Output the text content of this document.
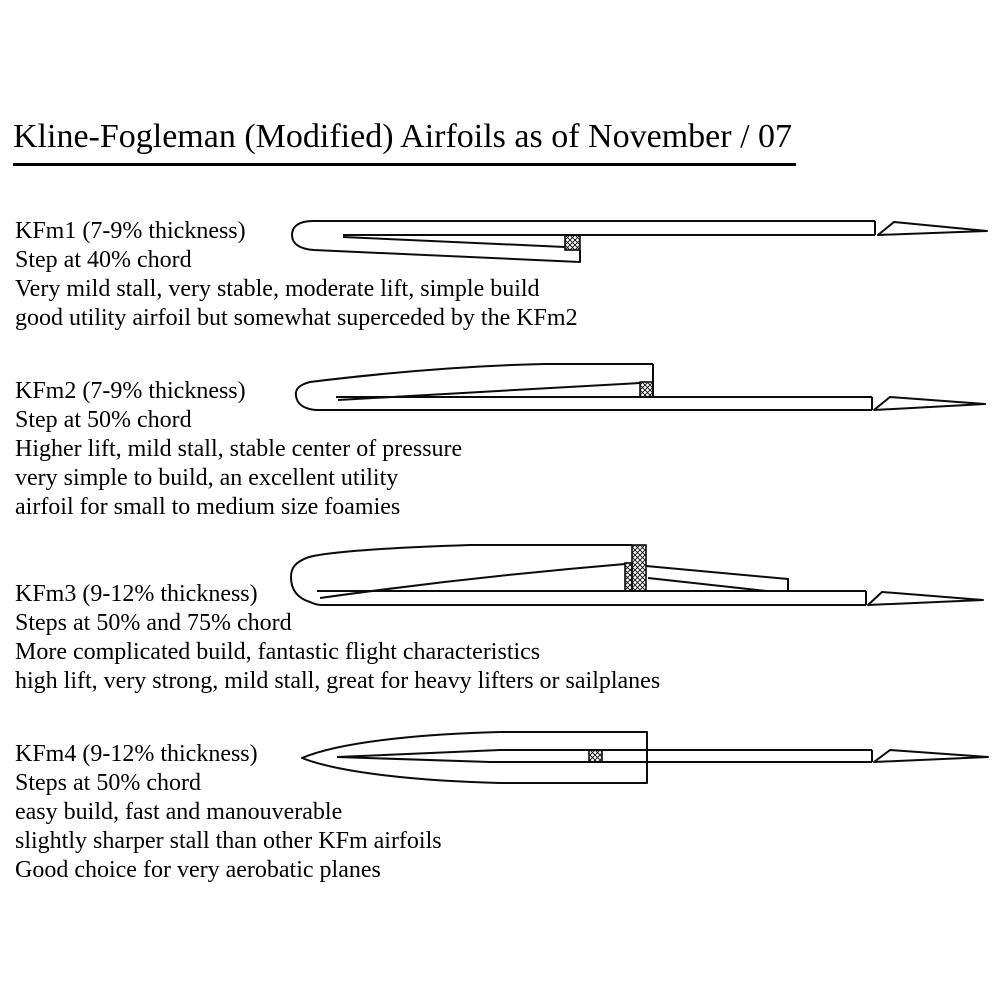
Kline-Fogleman (Modified) Airfoils as of November / 07
KFm1 (7-9% thickness)
Step at 40% chord
Very mild stall, very stable, moderate lift, simple build
good utility airfoil but somewhat superceded by the KFm2
KFm2 (7-9% thickness)
Step at 50% chord
Higher lift, mild stall, stable center of pressure
very simple to build, an excellent utility
airfoil for small to medium size foamies
KFm3 (9-12% thickness)
Steps at 50% and 75% chord
More complicated build, fantastic flight characteristics
high lift, very strong, mild stall, great for heavy lifters or sailplanes
KFm4 (9-12% thickness)
Steps at 50% chord
easy build, fast and manouverable
slightly sharper stall than other KFm airfoils
Good choice for very aerobatic planes
